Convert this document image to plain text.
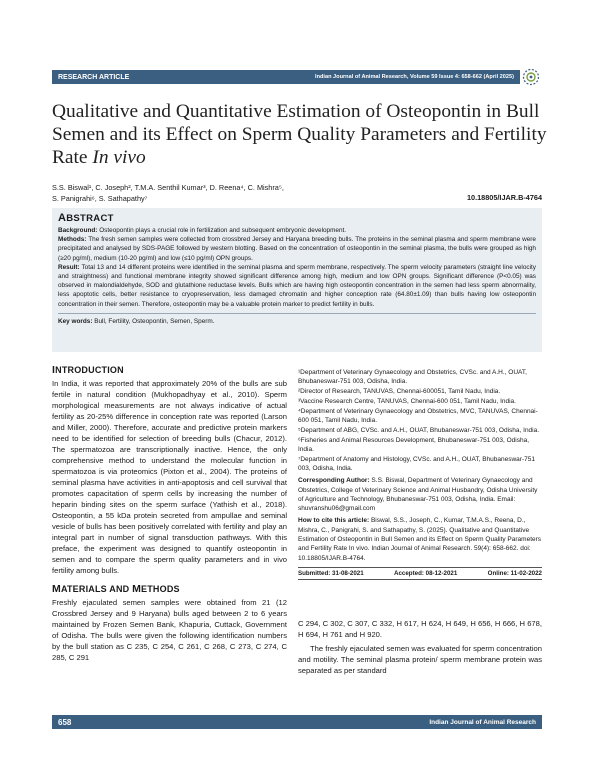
RESEARCH ARTICLE	Indian Journal of Animal Research, Volume 59 Issue 4: 658-662 (April 2025)
Qualitative and Quantitative Estimation of Osteopontin in Bull Semen and its Effect on Sperm Quality Parameters and Fertility Rate In vivo
S.S. Biswal¹, C. Joseph², T.M.A. Senthil Kumar³, D. Reena⁴, C. Mishra⁵,
S. Panigrahi⁶, S. Sathapathy⁷	10.18805/IJAR.B-4764
ABSTRACT

Background: Osteopontin plays a crucial role in fertilization and subsequent embryonic development.

Methods: The fresh semen samples were collected from crossbred Jersey and Haryana breeding bulls. The proteins in the seminal plasma and sperm membrane were precipitated and analysed by SDS-PAGE followed by western blotting. Based on the concentration of osteopontin in the seminal plasma, the bulls were grouped as high (≥20 pg/ml), medium (10-20 pg/ml) and low (≤10 pg/ml) OPN groups.

Result: Total 13 and 14 different proteins were identified in the seminal plasma and sperm membrane, respectively. The sperm velocity parameters (straight line velocity and straightness) and functional membrane integrity showed significant difference among high, medium and low OPN groups. Significant difference (P<0.05) was observed in malondialdehyde, SOD and glutathione reductase levels. Bulls which are having high osteopontin concentration in the semen had less sperm abnormality, less apoptotic cells, better resistance to cryopreservation, less damaged chromatin and higher conception rate (64.80±1.09) than bulls having low osteopontin concentration in their semen. Therefore, osteopontin may be a valuable protein marker to predict fertility in bulls.

Key words: Bull, Fertility, Osteopontin, Semen, Sperm.
INTRODUCTION
In India, it was reported that approximately 20% of the bulls are sub fertile in natural condition (Mukhopadhyay et al., 2010). Sperm morphological measurements are not always indicative of actual fertility as 20-25% difference in conception rate was reported (Larson and Miller, 2000). Therefore, accurate and predictive protein markers need to be identified for selection of breeding bulls (Chacur, 2012). The spermatozoa are transcriptionally inactive. Hence, the only comprehensive method to understand the molecular function in spermatozoa is via proteomics (Pixton et al., 2004). The proteins of seminal plasma have activities in anti-apoptosis and cell survival that promotes capacitation of sperm cells by increasing the number of heparin binding sites on the sperm surface (Yathish et al., 2018). Osteopontin, a 55 kDa protein secreted from ampullae and seminal vesicle of bulls has been positively correlated with fertility and play an integral part in number of signal transduction pathways. With this preface, the experiment was designed to quantify osteopontin in semen and to compare the sperm quality parameters and in vivo fertility among bulls.
MATERIALS AND METHODS
Freshly ejaculated semen samples were obtained from 21 (12 Crossbred Jersey and 9 Haryana) bulls aged between 2 to 6 years maintained by Frozen Semen Bank, Khapuria, Cuttack, Government of Odisha. The bulls were given the following identification numbers by the bull station as C 235, C 254, C 261, C 268, C 273, C 274, C 285, C 291

¹Department of Veterinary Gynaecology and Obstetrics, CVSc. and A.H., OUAT, Bhubaneswar-751 003, Odisha, India.

²Director of Research, TANUVAS, Chennai-600051, Tamil Nadu, India.

³Vaccine Research Centre, TANUVAS, Chennai-600 051, Tamil Nadu, India.

⁴Department of Veterinary Gynaecology and Obstetrics, MVC, TANUVAS, Chennai-600 051, Tamil Nadu, India.

⁵Department of ABG, CVSc. and A.H., OUAT, Bhubaneswar-751 003, Odisha, India.

⁶Fisheries and Animal Resources Development, Bhubaneswar-751 003, Odisha, India.

⁷Department of Anatomy and Histology, CVSc. and A.H., OUAT, Bhubaneswar-751 003, Odisha, India.

Corresponding Author: S.S. Biswal, Department of Veterinary Gynaecology and Obstetrics, College of Veterinary Science and Animal Husbandry, Odisha University of Agriculture and Technology, Bhubaneswar-751 003, Odisha, India. Email: shuvranshu06@gmail.com
How to cite this article: Biswal, S.S., Joseph, C., Kumar, T.M.A.S., Reena, D., Mishra, C., Panigrahi, S. and Sathapathy, S. (2025). Qualitative and Quantitative Estimation of Osteopontin in Bull Semen and its Effect on Sperm Quality Parameters and Fertility Rate In vivo. Indian Journal of Animal Research. 59(4): 658-662. doi: 10.18805/IJAR.B-4764.
Submitted: 31-08-2021	Accepted: 08-12-2021	Online: 11-02-2022
C 294, C 302, C 307, C 332, H 617, H 624, H 649, H 656, H 666, H 678, H 694, H 761 and H 920.
The freshly ejaculated semen was evaluated for sperm concentration and motility. The seminal plasma protein/ sperm membrane protein was separated as per standard
658	Indian Journal of Animal Research
